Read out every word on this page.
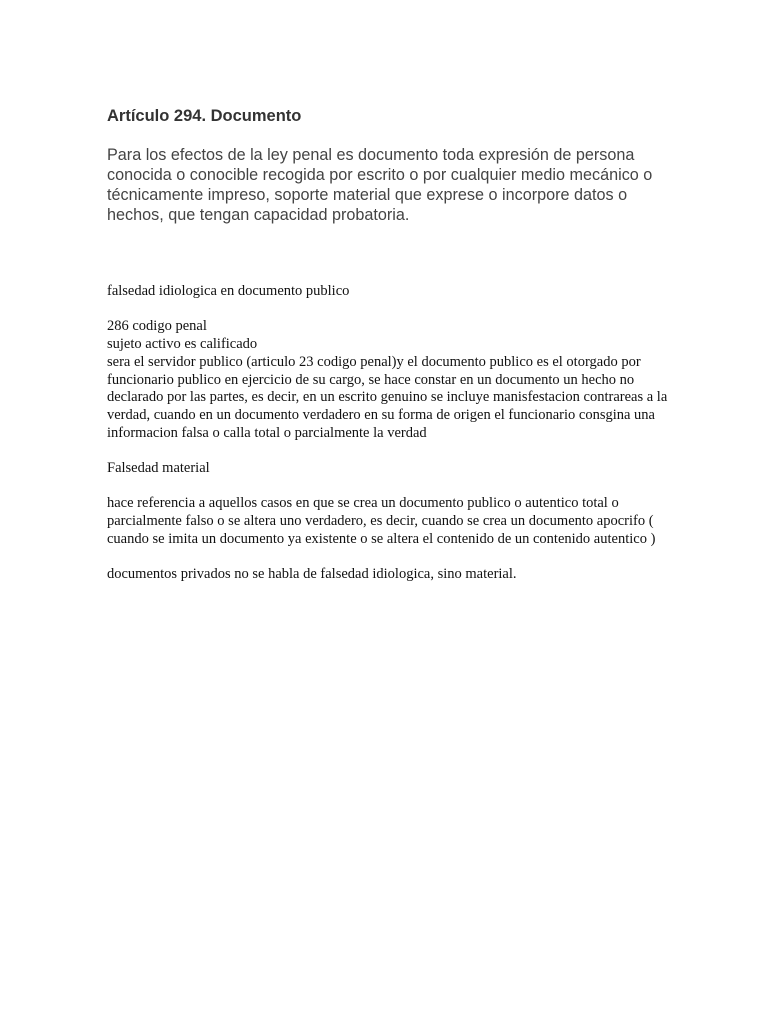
Artículo 294. Documento

Para los efectos de la ley penal es documento toda expresión de persona conocida o conocible recogida por escrito o por cualquier medio mecánico o técnicamente impreso, soporte material que exprese o incorpore datos o hechos, que tengan capacidad probatoria.

falsedad idiologica en documento publico

286 codigo penal

sujeto activo es calificado

sera el servidor publico (articulo 23 codigo penal)y el documento publico es el otorgado por funcionario publico en ejercicio de su cargo, se hace constar en un documento un hecho no declarado por las partes, es decir, en un escrito genuino se incluye manisfestacion contrareas a la verdad, cuando en un documento verdadero en su forma de origen el funcionario consgina una informacion falsa o calla total o parcialmente la verdad

Falsedad material

hace referencia a aquellos casos en que se crea un documento publico o autentico total o parcialmente falso o se altera uno verdadero, es decir, cuando se crea un documento apocrifo ( cuando se imita un documento ya existente o se altera el contenido de un contenido autentico )

documentos privados no se habla de falsedad idiologica, sino material.
